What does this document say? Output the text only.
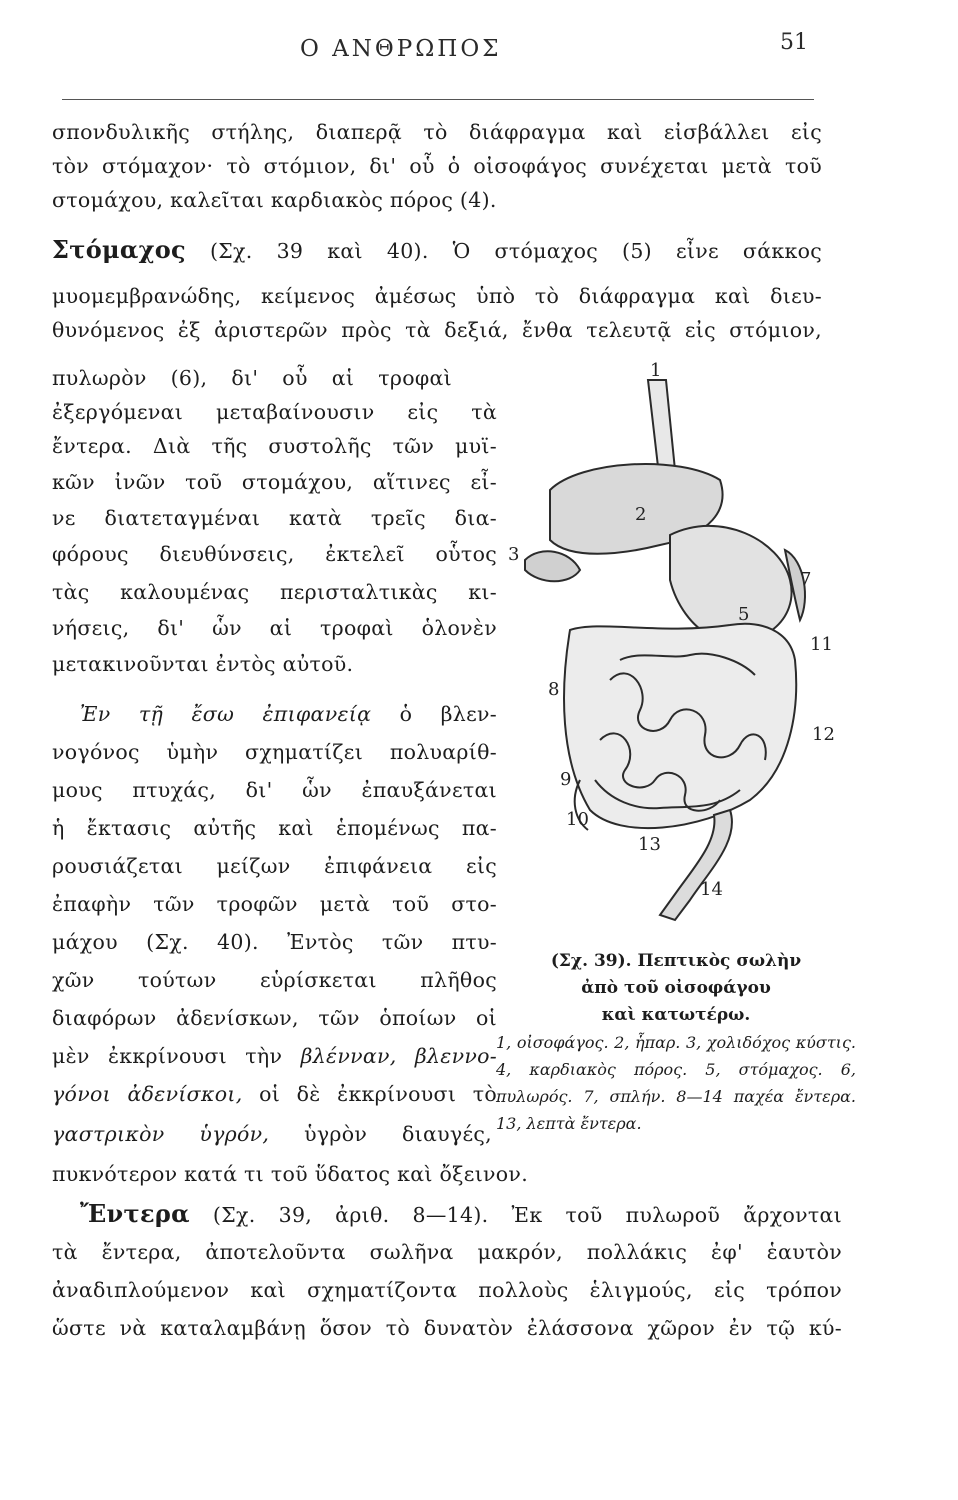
Ο ΑΝΘΡΩΠΟΣ	51
σπονδυλικῆς στήλης, διαπερᾷ τὸ διάφραγμα καὶ εἰσβάλλει εἰς
τὸν στόμαχον· τὸ στόμιον, δι' οὗ ὁ οἰσοφάγος συνέχεται μετὰ τοῦ
στομάχου, καλεῖται καρδιακὸς πόρος (4).
Στόμαχος (Σχ. 39 καὶ 40). Ὁ στόμαχος (5) εἶνε σάκκος
μυομεμβρανώδης, κείμενος ἀμέσως ὑπὸ τὸ διάφραγμα καὶ διευ-
θυνόμενος ἐξ ἀριστερῶν πρὸς τὰ δεξιά, ἔνθα τελευτᾷ εἰς στόμιον,
πυλωρὸν (6), δι' οὗ αἱ τροφαὶ
ἐξεργόμεναι μεταβαίνουσιν εἰς τὰ
ἔντερα. Διὰ τῆς συστολῆς τῶν μυϊ-
κῶν ἰνῶν τοῦ στομάχου, αἵτινες εἶ-
νε διατεταγμέναι κατὰ τρεῖς δια-
φόρους διευθύνσεις, ἐκτελεῖ οὗτος
τὰς καλουμένας περισταλτικὰς κι-
νήσεις, δι' ὧν αἱ τροφαὶ ὁλονὲν
μετακινοῦνται ἐντὸς αὐτοῦ.
Ἐν τῇ ἔσω ἐπιφανείᾳ ὁ βλεν-
νογόνος ὑμὴν σχηματίζει πολυαρίθ-
μους πτυχάς, δι' ὧν ἐπαυξάνεται
ἡ ἔκτασις αὐτῆς καὶ ἑπομένως πα-
ρουσιάζεται μείζων ἐπιφάνεια εἰς
ἐπαφὴν τῶν τροφῶν μετὰ τοῦ στο-
μάχου (Σχ. 40). Ἐντὸς τῶν πτυ-
χῶν τούτων εὑρίσκεται πλῆθος
διαφόρων ἀδενίσκων, τῶν ὁποίων οἱ
μὲν ἐκκρίνουσι τὴν βλένναν, βλεννο-
γόνοι ἀδενίσκοι, οἱ δὲ ἐκκρίνουσι τὸ
γαστρικὸν ὑγρόν, ὑγρὸν διαυγές,
πυκνότερον κατά τι τοῦ ὕδατος καὶ ὄξεινον.
Ἔντερα (Σχ. 39, ἀριθ. 8—14). Ἐκ τοῦ πυλωροῦ ἄρχονται
τὰ ἔντερα, ἀποτελοῦντα σωλῆνα μακρόν, πολλάκις ἐφ' ἑαυτὸν
ἀναδιπλούμενον καὶ σχηματίζοντα πολλοὺς ἑλιγμούς, εἰς τρόπον
ὥστε νὰ καταλαμβάνῃ ὅσον τὸ δυνατὸν ἐλάσσονα χῶρον ἐν τῷ κύ-
1
2
3
5
7
8
9
10
11
12
13
14
(Σχ. 39). Πεπτικὸς σωλὴν
ἀπὸ τοῦ οἰσοφάγου
καὶ κατωτέρω.
1, οἰσοφάγος. 2, ἧπαρ. 3, χολιδόχος κύστις. 4, καρδιακὸς πόρος. 5, στόμαχος. 6, πυλωρός. 7, σπλήν. 8—14 παχέα ἔντερα. 13, λεπτὰ ἔντερα.
